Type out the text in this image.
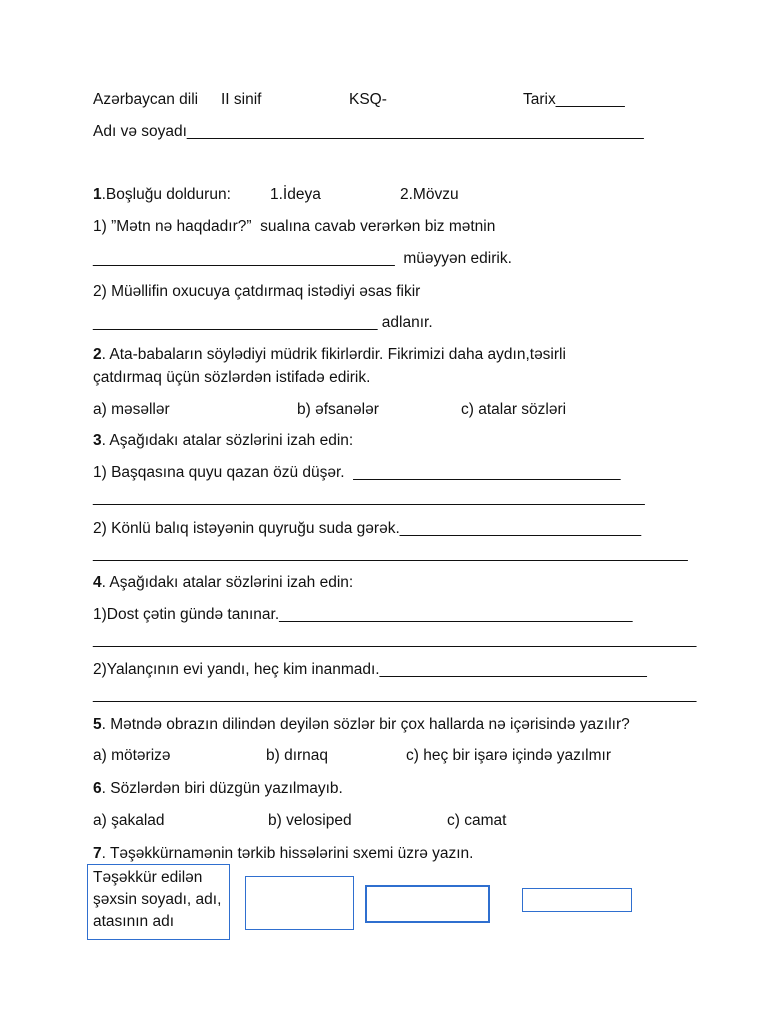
Azərbaycan dili II sinif	KSQ-	Tarix________
Adı və soyadı_____________________________________________________
1.Boşluğu doldurun:	1.İdeya	2.Mövzu
1) ”Mətn nə haqdadır?”  sualına cavab verərkən biz mətnin
___________________________________  müəyyən edirik.
2) Müəllifin oxucuya çatdırmaq istədiyi əsas fikir
_________________________________ adlanır.
2. Ata-babaların söylədiyi müdrik fikirlərdir. Fikrimizi daha aydın,təsirli
çatdırmaq üçün sözlərdən istifadə edirik.
a) məsəllər	b) əfsanələr	c) atalar sözləri
3. Aşağıdakı atalar sözlərini izah edin:
1) Başqasına quyu qazan özü düşər.  _______________________________
________________________________________________________________
2) Könlü balıq istəyənin quyruğu suda gərək.____________________________
_____________________________________________________________________
4. Aşağıdakı atalar sözlərini izah edin:
1)Dost çətin gündə tanınar._________________________________________
______________________________________________________________________
2)Yalançının evi yandı, heç kim inanmadı._______________________________
______________________________________________________________________
5. Mətndə obrazın dilindən deyilən sözlər bir çox hallarda nə içərisində yazılır?
a) mötərizə	b) dırnaq	c) heç bir işarə içində yazılmır
6. Sözlərdən biri düzgün yazılmayıb.
a) şakalad	b) velosiped	c) camat
7. Təşəkkürnamənin tərkib hissələrini sxemi üzrə yazın.
Təşəkkür edilən şəxsin soyadı, adı, atasının adı
